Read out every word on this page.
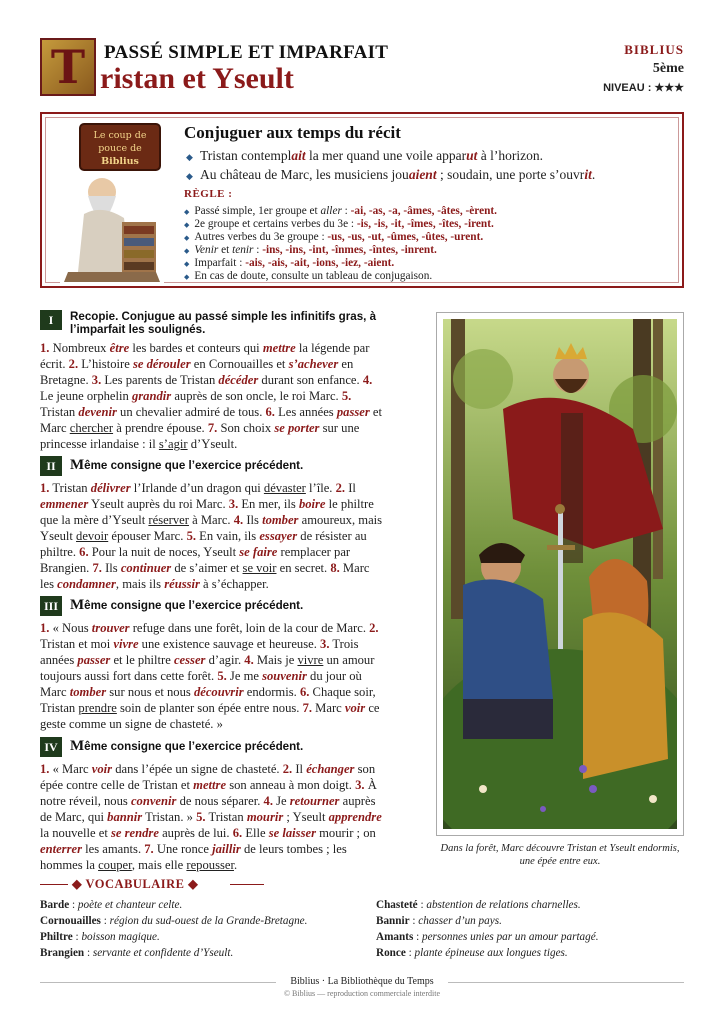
T PASSÉ SIMPLE ET IMPARFAIT
ristan et Yseult
BIBLIUS
5ème
NIVEAU : ★★★
Le coup de
pouce de
Biblius
Conjuguer aux temps du récit
◆ Tristan contemplait la mer quand une voile apparut à l’horizon.
◆ Au château de Marc, les musiciens jouaient ; soudain, une porte s’ouvrit.
RÈGLE :
◆ Passé simple, 1er groupe et aller : -ai, -as, -a, -âmes, -âtes, -èrent.
◆ 2e groupe et certains verbes du 3e : -is, -is, -it, -îmes, -îtes, -irent.
◆ Autres verbes du 3e groupe : -us, -us, -ut, -ûmes, -ûtes, -urent.
◆ Venir et tenir : -ins, -ins, -int, -înmes, -întes, -inrent.
◆ Imparfait : -ais, -ais, -ait, -ions, -iez, -aient.
◆ En cas de doute, consulte un tableau de conjugaison.
I	Recopie. Conjugue au passé simple les infinitifs gras, à l’imparfait les soulignés.
1. Nombreux être les bardes et conteurs qui mettre la légende par écrit. 2. L’histoire se dérouler en Cornouailles et s’achever en Bretagne. 3. Les parents de Tristan décéder durant son enfance. 4. Le jeune orphelin grandir auprès de son oncle, le roi Marc. 5. Tristan devenir un chevalier admiré de tous. 6. Les années passer et Marc chercher à prendre épouse. 7. Son choix se porter sur une princesse irlandaise : il s’agir d’Yseult.
II Même consigne que l’exercice précédent.
1. Tristan délivrer l’Irlande d’un dragon qui dévaster l’île. 2. Il emmener Yseult auprès du roi Marc. 3. En mer, ils boire le philtre que la mère d’Yseult réserver à Marc. 4. Ils tomber amoureux, mais Yseult devoir épouser Marc. 5. En vain, ils essayer de résister au philtre. 6. Pour la nuit de noces, Yseult se faire remplacer par Brangien. 7. Ils continuer de s’aimer et se voir en secret. 8. Marc les condamner, mais ils réussir à s’échapper.
III Même consigne que l’exercice précédent.
1. « Nous trouver refuge dans une forêt, loin de la cour de Marc. 2. Tristan et moi vivre une existence sauvage et heureuse. 3. Trois années passer et le philtre cesser d’agir. 4. Mais je vivre un amour toujours aussi fort dans cette forêt. 5. Je me souvenir du jour où Marc tomber sur nous et nous découvrir endormis. 6. Chaque soir, Tristan prendre soin de planter son épée entre nous. 7. Marc voir ce geste comme un signe de chasteté. »
IV Même consigne que l’exercice précédent.
1. « Marc voir dans l’épée un signe de chasteté. 2. Il échanger son épée contre celle de Tristan et mettre son anneau à mon doigt. 3. À notre réveil, nous convenir de nous séparer. 4. Je retourner auprès de Marc, qui bannir Tristan. » 5. Tristan mourir ; Yseult apprendre la nouvelle et se rendre auprès de lui. 6. Elle se laisser mourir ; on enterrer les amants. 7. Une ronce jaillir de leurs tombes ; les hommes la couper, mais elle repousser.
Dans la forêt, Marc découvre Tristan et Yseult endormis, une épée entre eux.
◆ VOCABULAIRE ◆
Barde : poète et chanteur celte.
Cornouailles : région du sud-ouest de la Grande-Bretagne.
Philtre : boisson magique.
Brangien : servante et confidente d’Yseult.
Chasteté : abstention de relations charnelles.
Bannir : chasser d’un pays.
Amants : personnes unies par un amour partagé.
Ronce : plante épineuse aux longues tiges.
Biblius · La Bibliothèque du Temps
© Biblius — reproduction commerciale interdite
